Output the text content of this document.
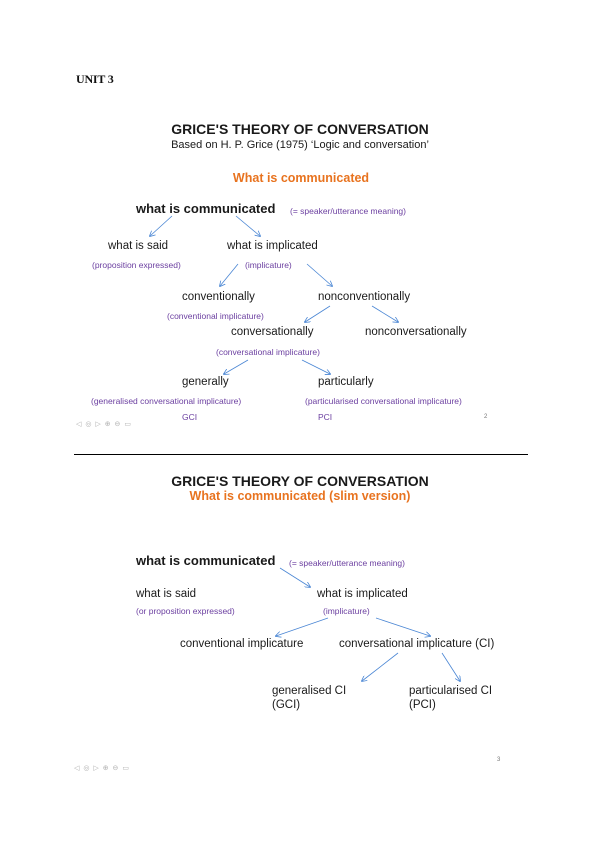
UNIT 3
GRICE'S THEORY OF CONVERSATION
Based on H. P. Grice (1975) ‘Logic and conversation’
What is communicated
what is communicated (= speaker/utterance meaning)
what is said
(proposition expressed)
what is implicated
(implicature)
conventionally
(conventional implicature)
nonconventionally
conversationally
(conversational implicature)
nonconversationally
generally
(generalised conversational implicature)
GCI
particularly
(particularised conversational implicature)
PCI
◁ ◎ ▷ ⊕ ⊖ ▭
2
GRICE'S THEORY OF CONVERSATION
What is communicated (slim version)
what is communicated (= speaker/utterance meaning)
what is said
(or proposition expressed)
what is implicated
(implicature)
conventional implicature	conversational implicature (CI)
generalised CI
(GCI)
particularised CI
(PCI)
◁ ◎ ▷ ⊕ ⊖ ▭
3
